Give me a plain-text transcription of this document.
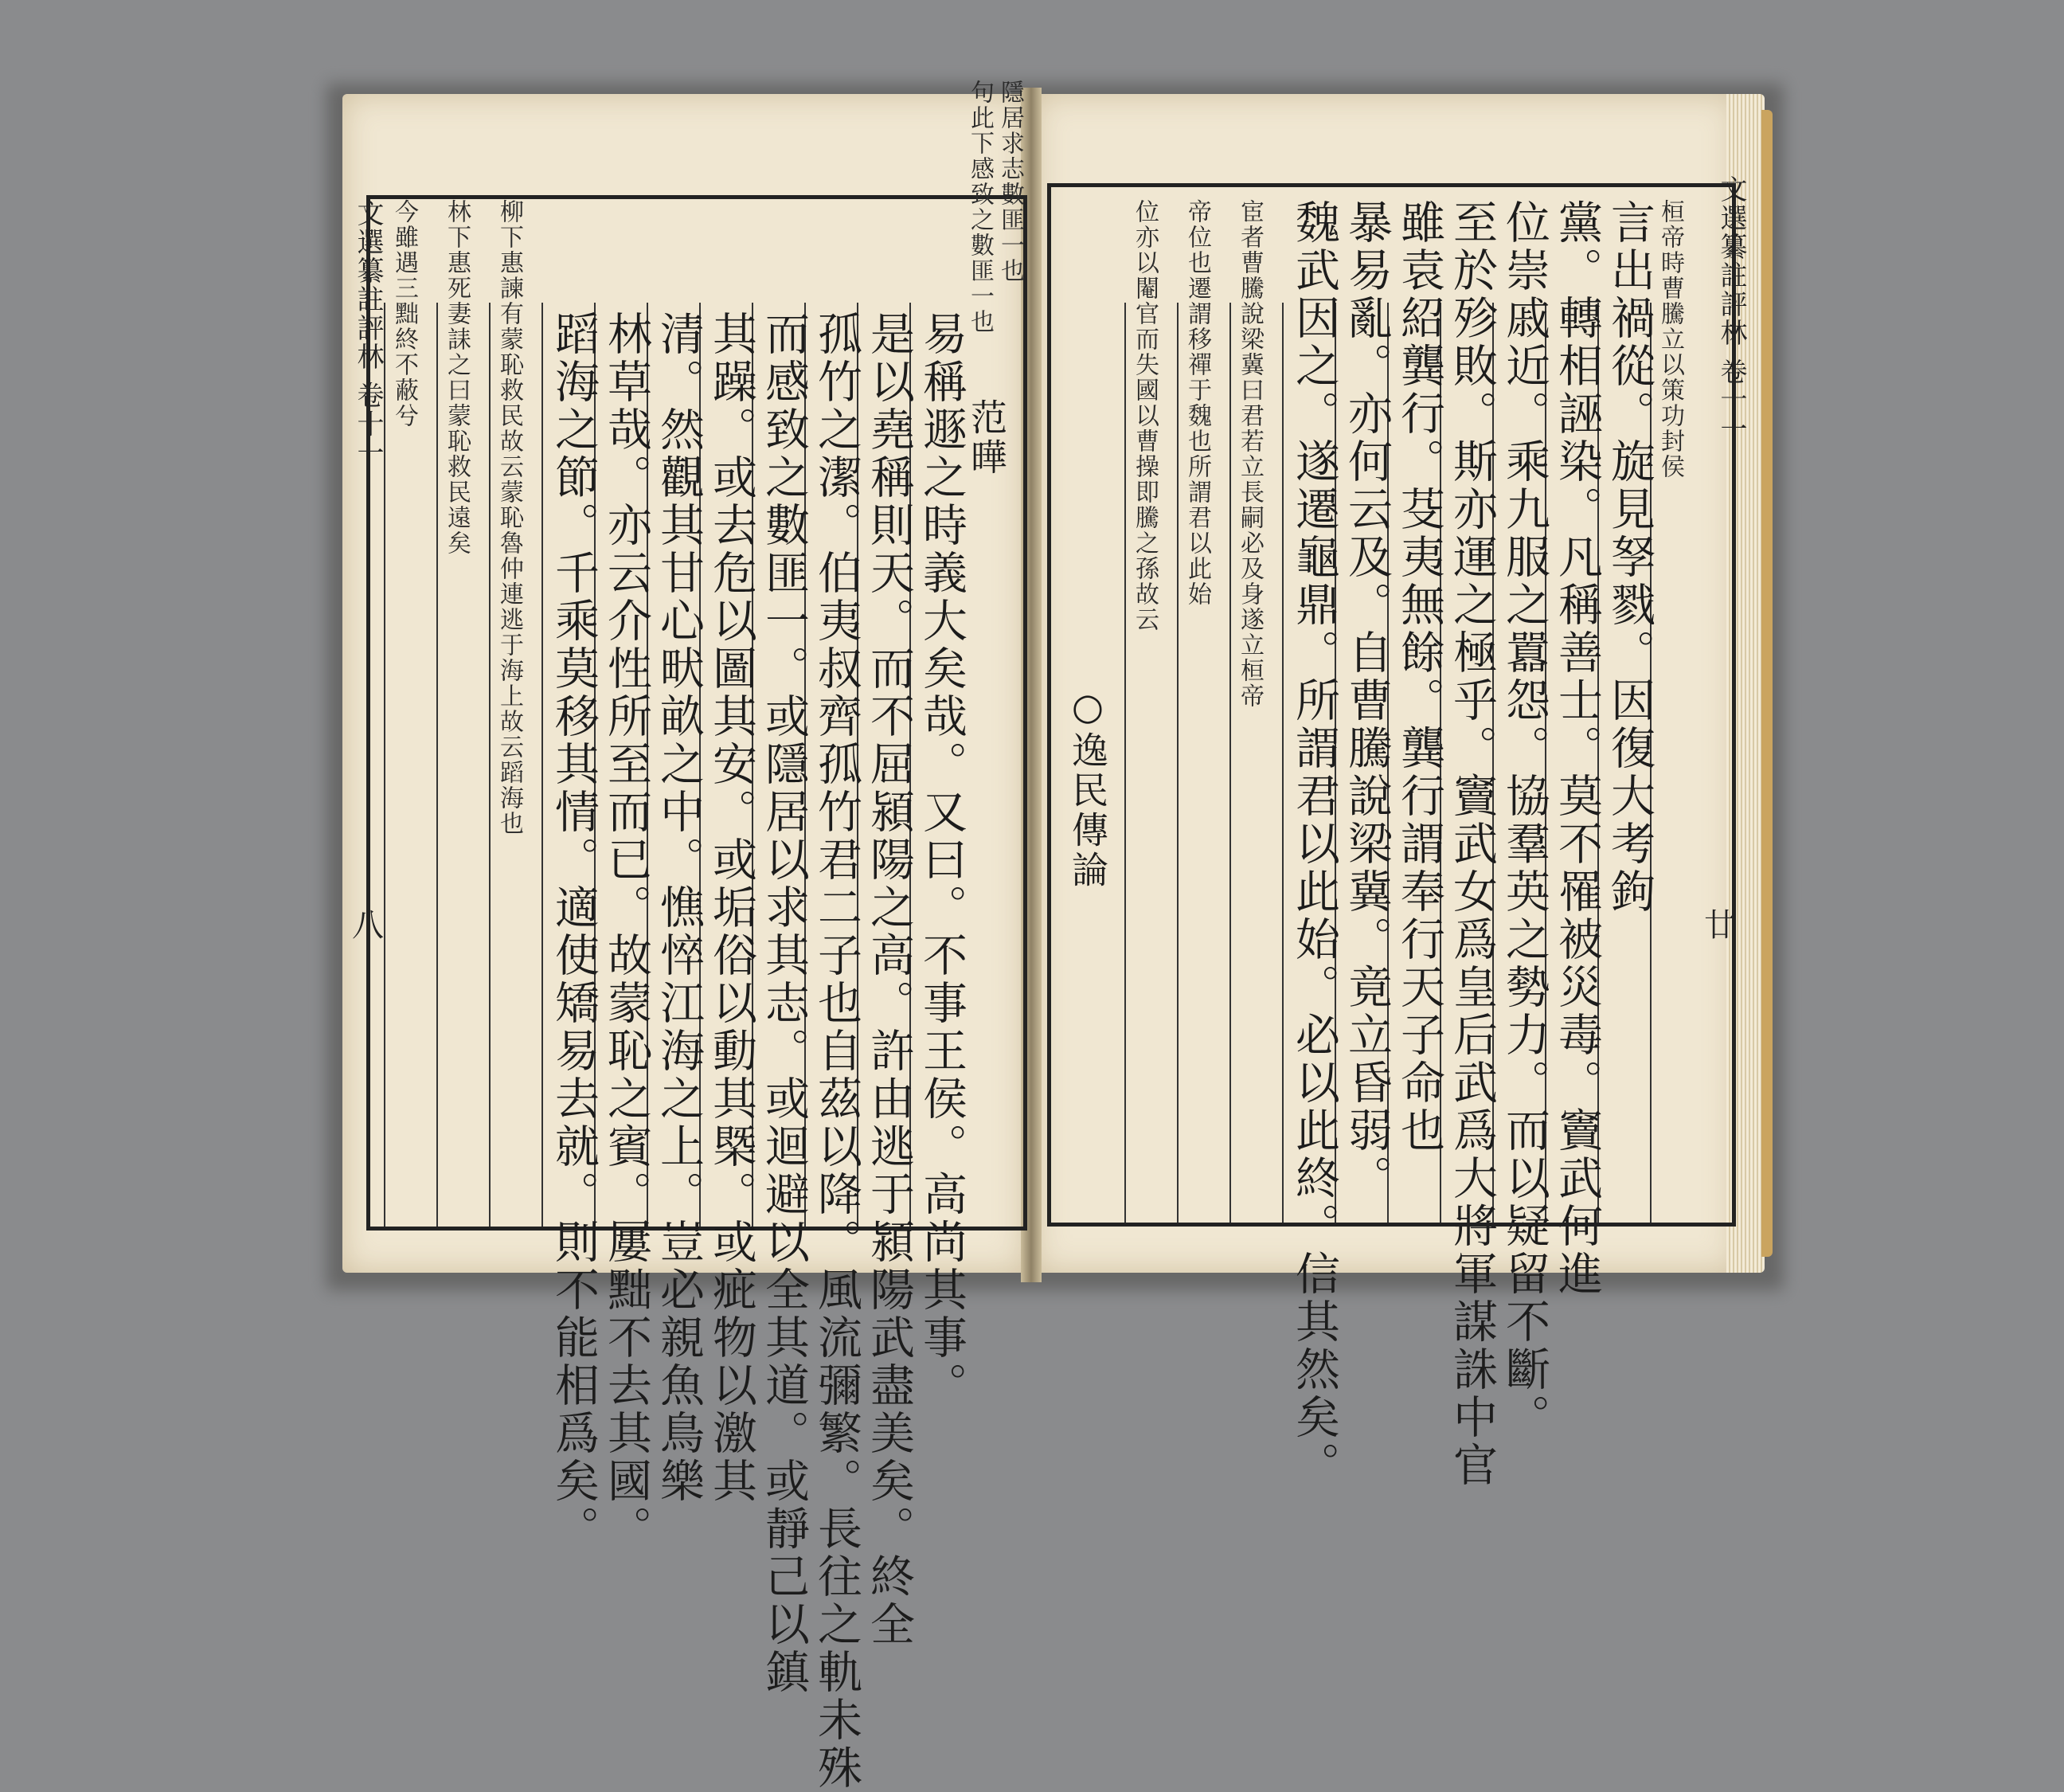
范曄
隱居求志數匪一也
句此下感致之數匪一也
易稱遯之時義大矣哉。又曰。不事王侯。高尚其事。
是以堯稱則天。而不屈潁陽之高。許由逃于潁陽武盡美矣。終全
孤竹之潔。伯夷叔齊孤竹君二子也自茲以降。風流彌繁。長往之軌未殊
而感致之數匪一。或隱居以求其志。或迴避以全其道。或靜己以鎮
其躁。或去危以圖其安。或垢俗以動其槩。或疵物以激其
清。然觀其甘心畎畝之中。憔悴江海之上。豈必親魚鳥樂
林草哉。亦云介性所至而已。故蒙恥之賓。屢黜不去其國。
蹈海之節。千乘莫移其情。適使矯易去就。則不能相爲矣。
柳下惠諫有蒙恥救民故云蒙恥魯仲連逃于海上故云蹈海也
林下惠死妻誄之曰蒙恥救民遠矣
今雖遇三黜終不蔽兮	桓帝時曹騰立以策功封侯
言出禍從。旋見孥戮。因復大考鉤
黨。轉相誣染。凡稱善士。莫不罹被災毒。竇武何進
位崇戚近。乘九服之囂怨。協羣英之勢力。而以疑留不斷。
至於殄敗。斯亦運之極乎。竇武女爲皇后武爲大將軍謀誅中官
雖袁紹龔行。芟夷無餘。龔行謂奉行天子命也
暴易亂。亦何云及。自曹騰說梁冀。竟立昏弱。
魏武因之。遂遷龜鼎。所謂君以此始。必以此終。信其然矣。
宦者曹騰說梁冀曰君若立長嗣必及身遂立桓帝
帝位也遷謂移禪于魏也所謂君以此始
位亦以閹官而失國以曹操即騰之孫故云
文選纂註評林 卷十一
八
文選纂註評林 卷十一
廿
○逸民傳論
